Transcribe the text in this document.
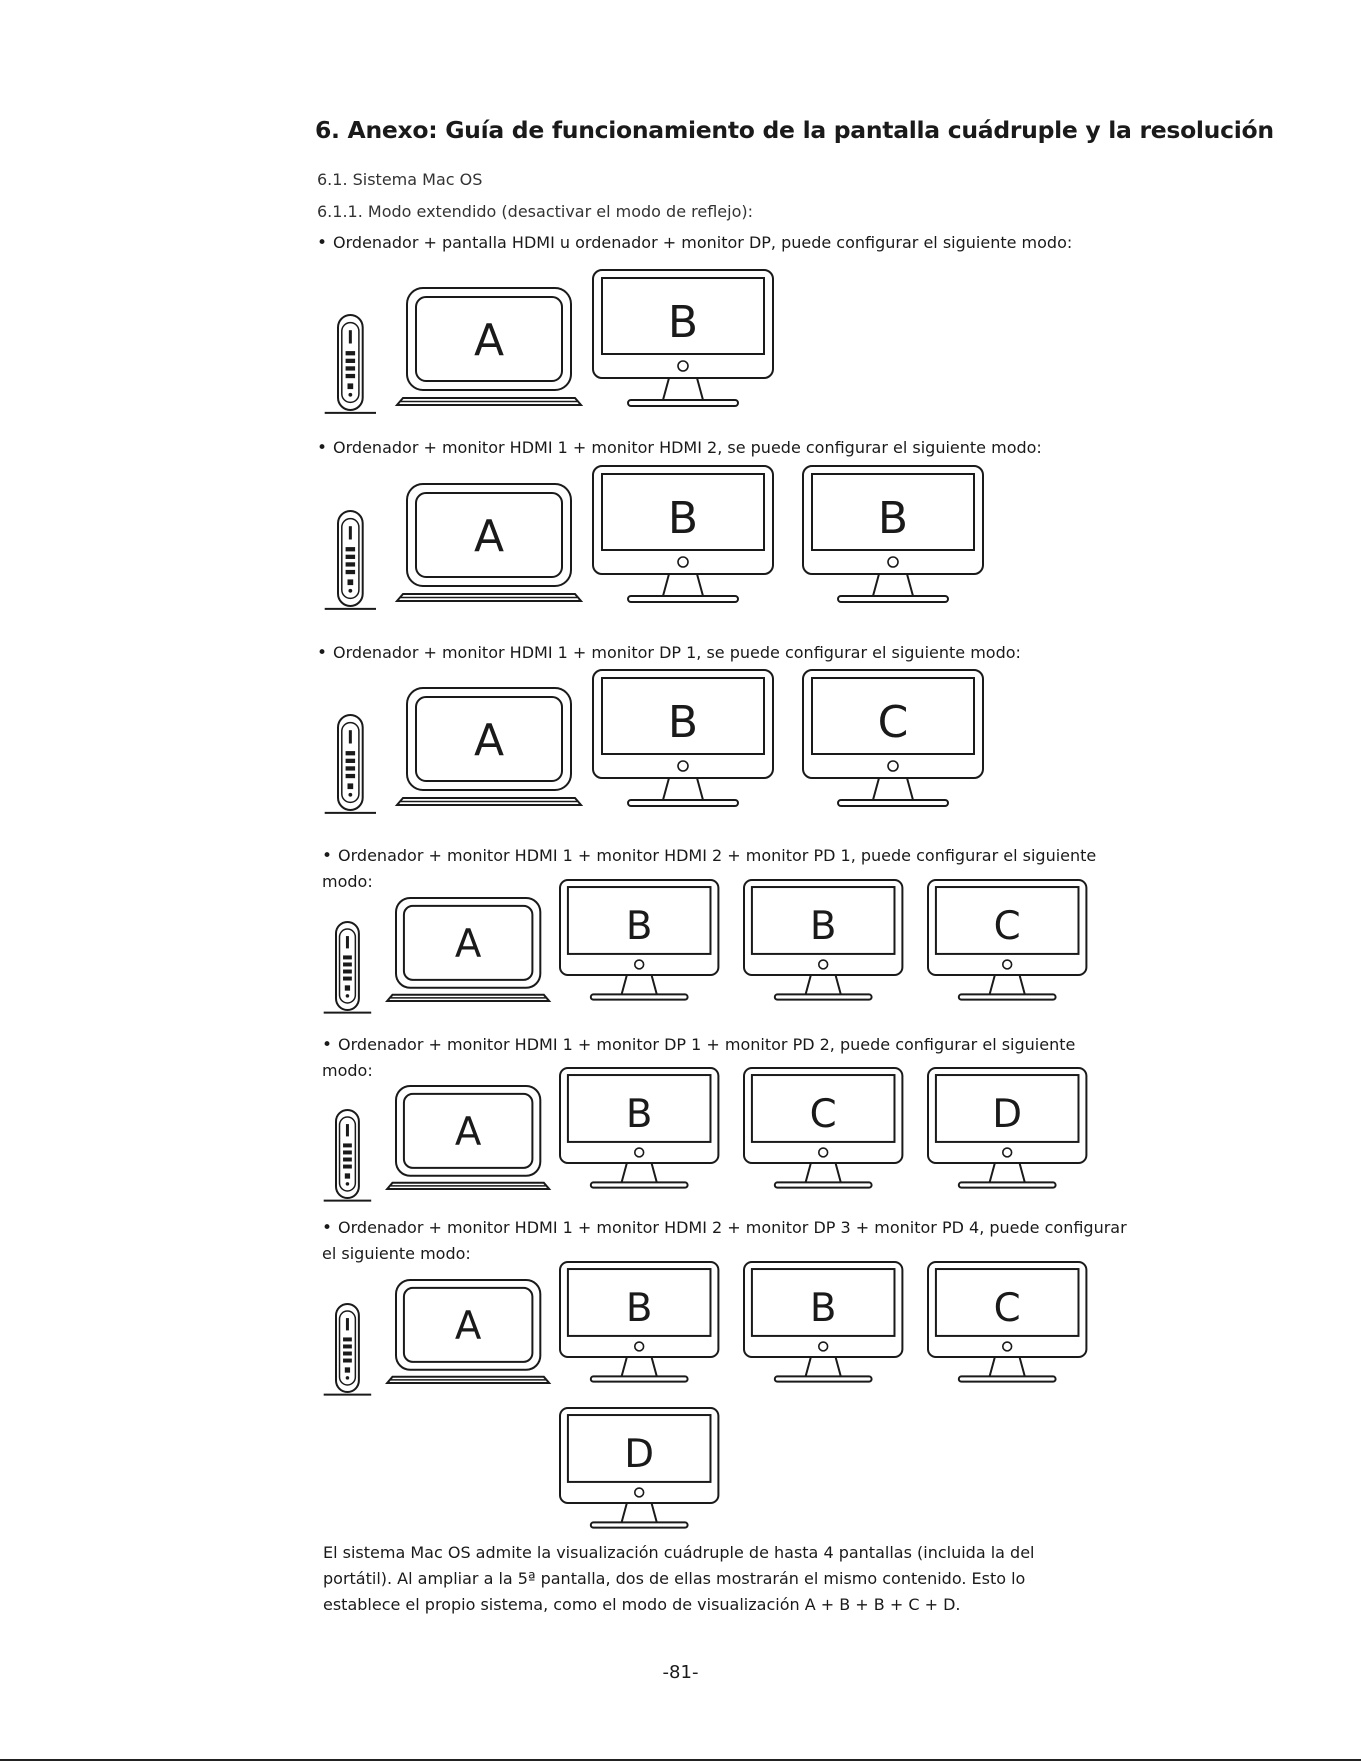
6. Anexo: Guía de funcionamiento de la pantalla cuádruple y la resolución
6.1. Sistema Mac OS
6.1.1. Modo extendido (desactivar el modo de reflejo):
• Ordenador + pantalla HDMI u ordenador + monitor DP, puede configurar el siguiente modo:
A	B
• Ordenador + monitor HDMI 1 + monitor HDMI 2, se puede configurar el siguiente modo:
A	B	B
• Ordenador + monitor HDMI 1 + monitor DP 1, se puede configurar el siguiente modo:
A	B	C
• Ordenador + monitor HDMI 1 + monitor HDMI 2 + monitor PD 1, puede configurar el siguiente
modo:
A	B	B	C
• Ordenador + monitor HDMI 1 + monitor DP 1 + monitor PD 2, puede configurar el siguiente
modo:
A	B	C	D
• Ordenador + monitor HDMI 1 + monitor HDMI 2 + monitor DP 3 + monitor PD 4, puede configurar
el siguiente modo:
A	B	B	C
D

El sistema Mac OS admite la visualización cuádruple de hasta 4 pantallas (incluida la del

portátil). Al ampliar a la 5ª pantalla, dos de ellas mostrarán el mismo contenido. Esto lo

establece el propio sistema, como el modo de visualización A + B + B + C + D.

-81-
